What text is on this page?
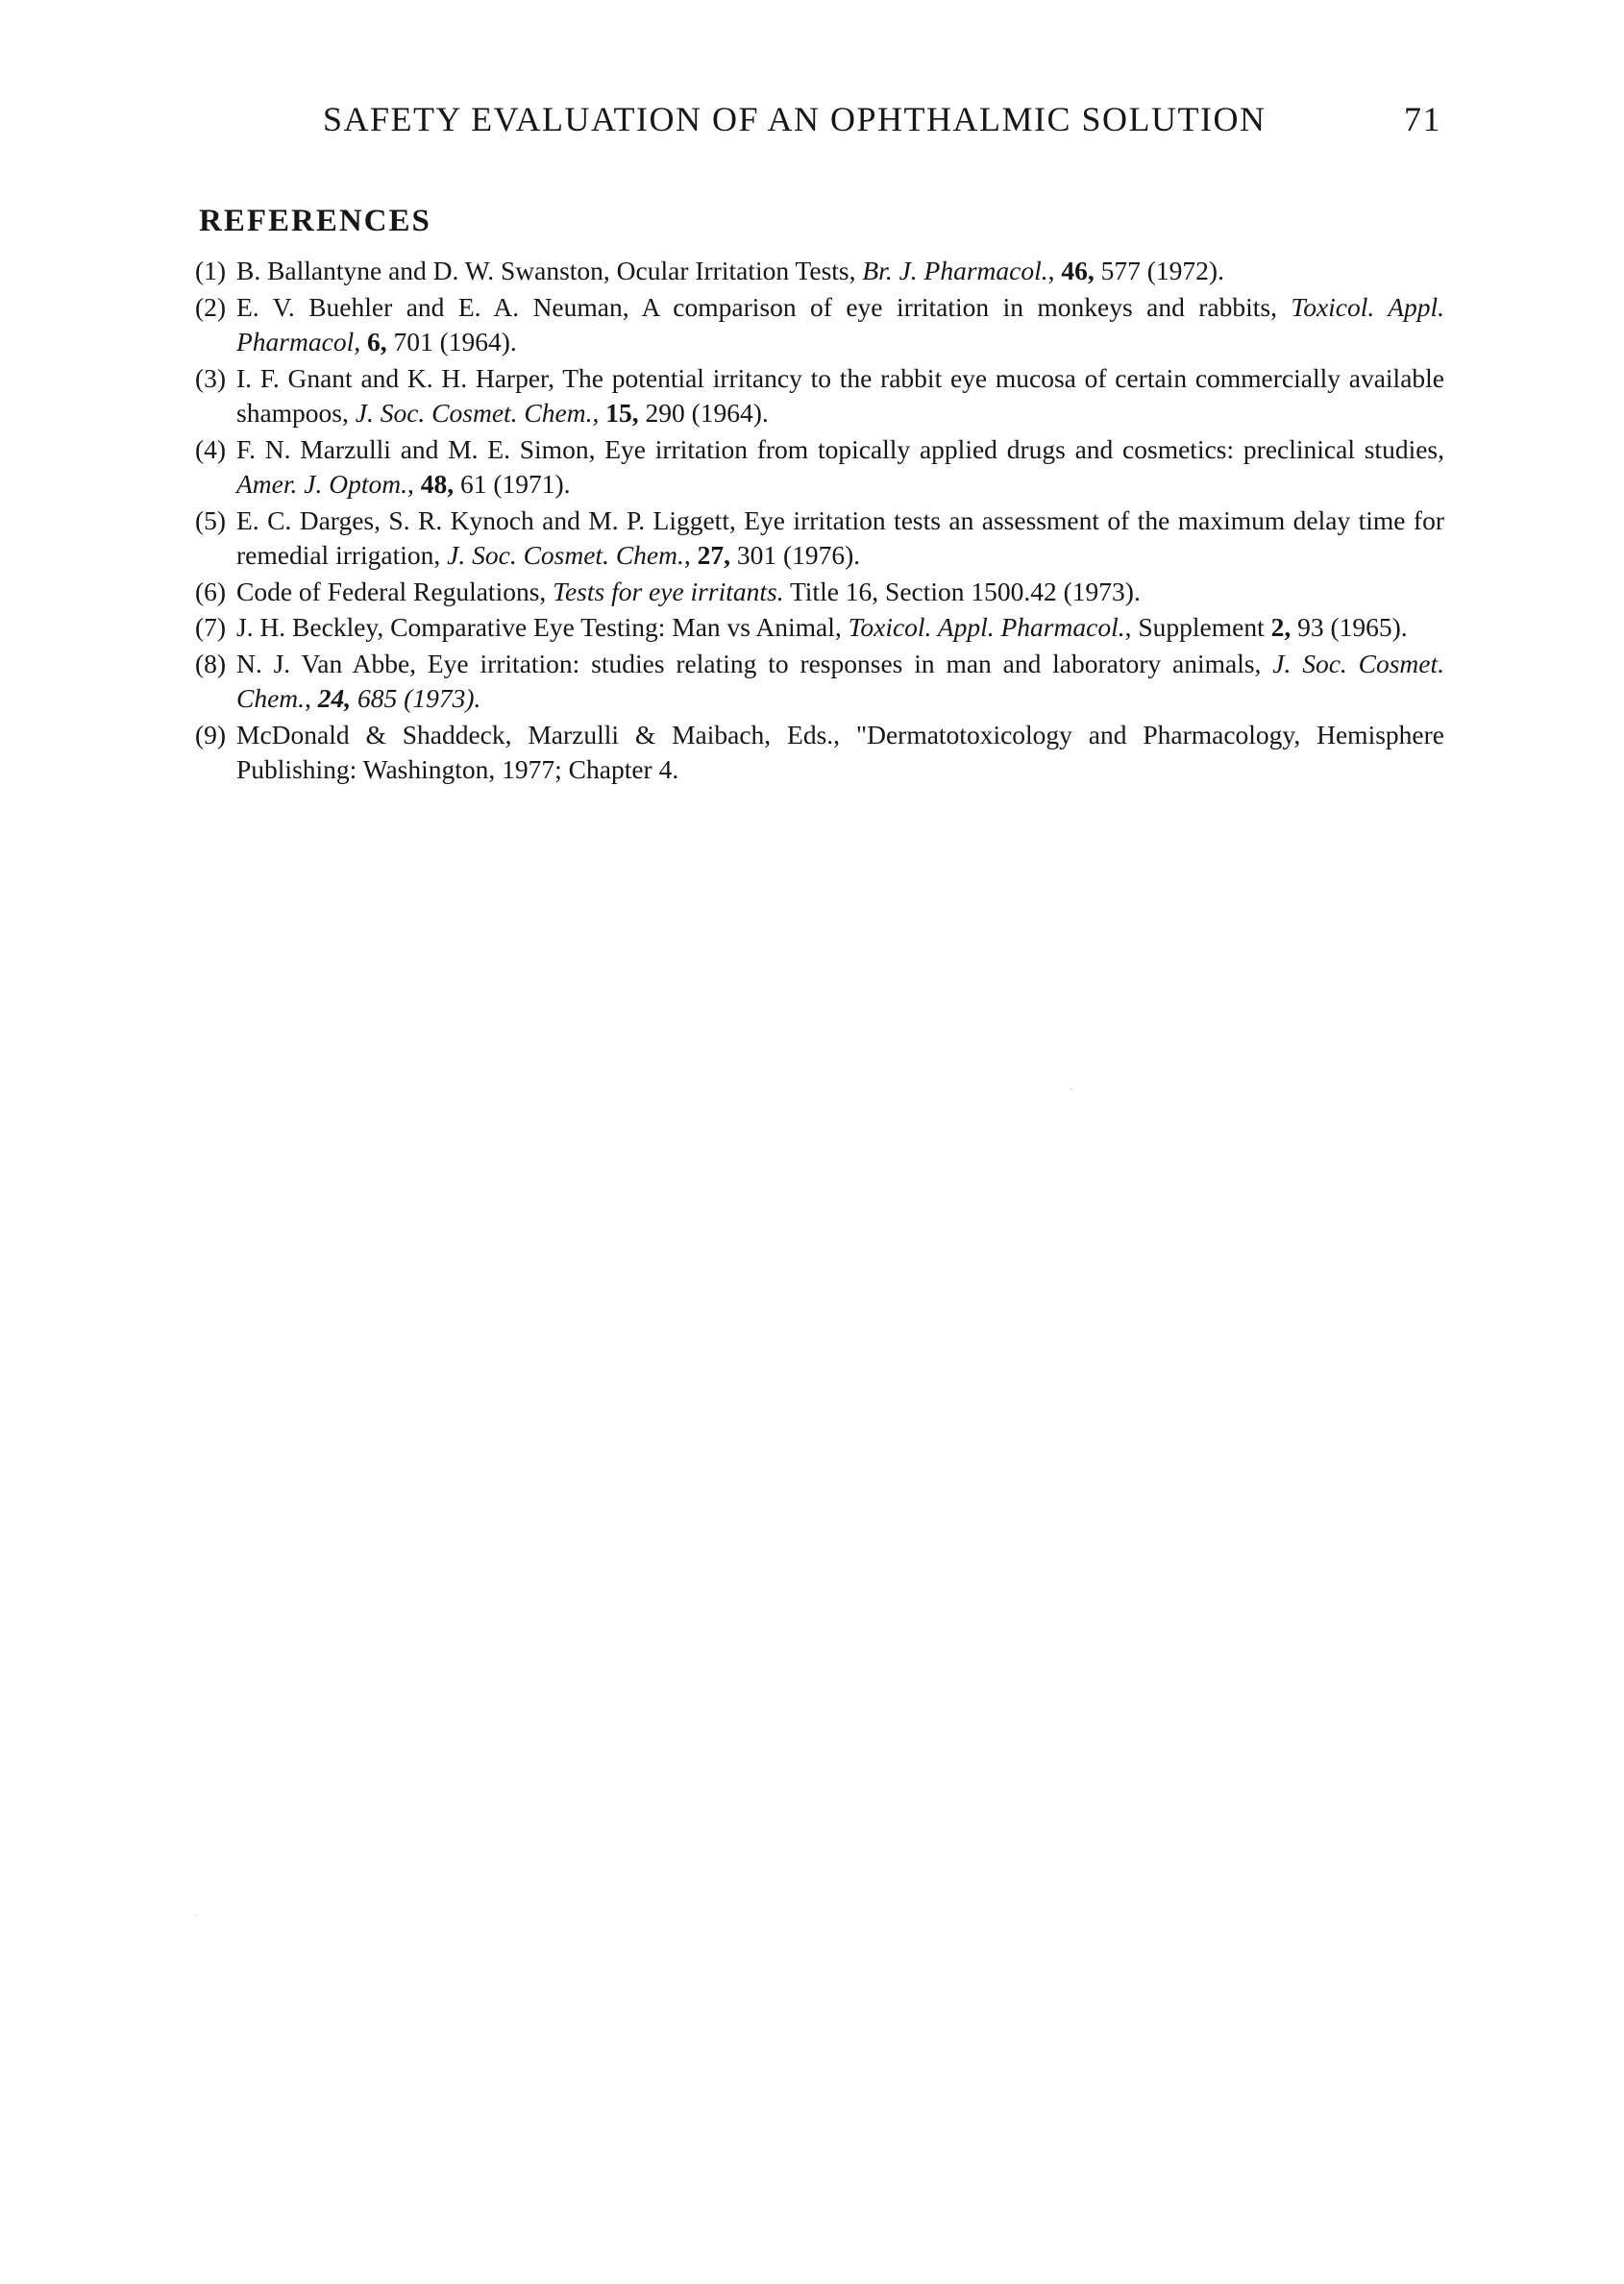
SAFETY EVALUATION OF AN OPHTHALMIC SOLUTION	71
REFERENCES
(1) B. Ballantyne and D. W. Swanston, Ocular Irritation Tests, Br. J. Pharmacol., 46, 577 (1972).
(2) E. V. Buehler and E. A. Neuman, A comparison of eye irritation in monkeys and rabbits, Toxicol. Appl. Pharmacol, 6, 701 (1964).
(3) I. F. Gnant and K. H. Harper, The potential irritancy to the rabbit eye mucosa of certain commercially available shampoos, J. Soc. Cosmet. Chem., 15, 290 (1964).
(4) F. N. Marzulli and M. E. Simon, Eye irritation from topically applied drugs and cosmetics: preclinical studies, Amer. J. Optom., 48, 61 (1971).
(5) E. C. Darges, S. R. Kynoch and M. P. Liggett, Eye irritation tests an assessment of the maximum delay time for remedial irrigation, J. Soc. Cosmet. Chem., 27, 301 (1976).
(6) Code of Federal Regulations, Tests for eye irritants. Title 16, Section 1500.42 (1973).
(7) J. H. Beckley, Comparative Eye Testing: Man vs Animal, Toxicol. Appl. Pharmacol., Supplement 2, 93 (1965).
(8) N. J. Van Abbe, Eye irritation: studies relating to responses in man and laboratory animals, J. Soc. Cosmet. Chem., 24, 685 (1973).
(9) McDonald & Shaddeck, Marzulli & Maibach, Eds., "Dermatotoxicology and Pharmacology, Hemisphere Publishing: Washington, 1977; Chapter 4.
